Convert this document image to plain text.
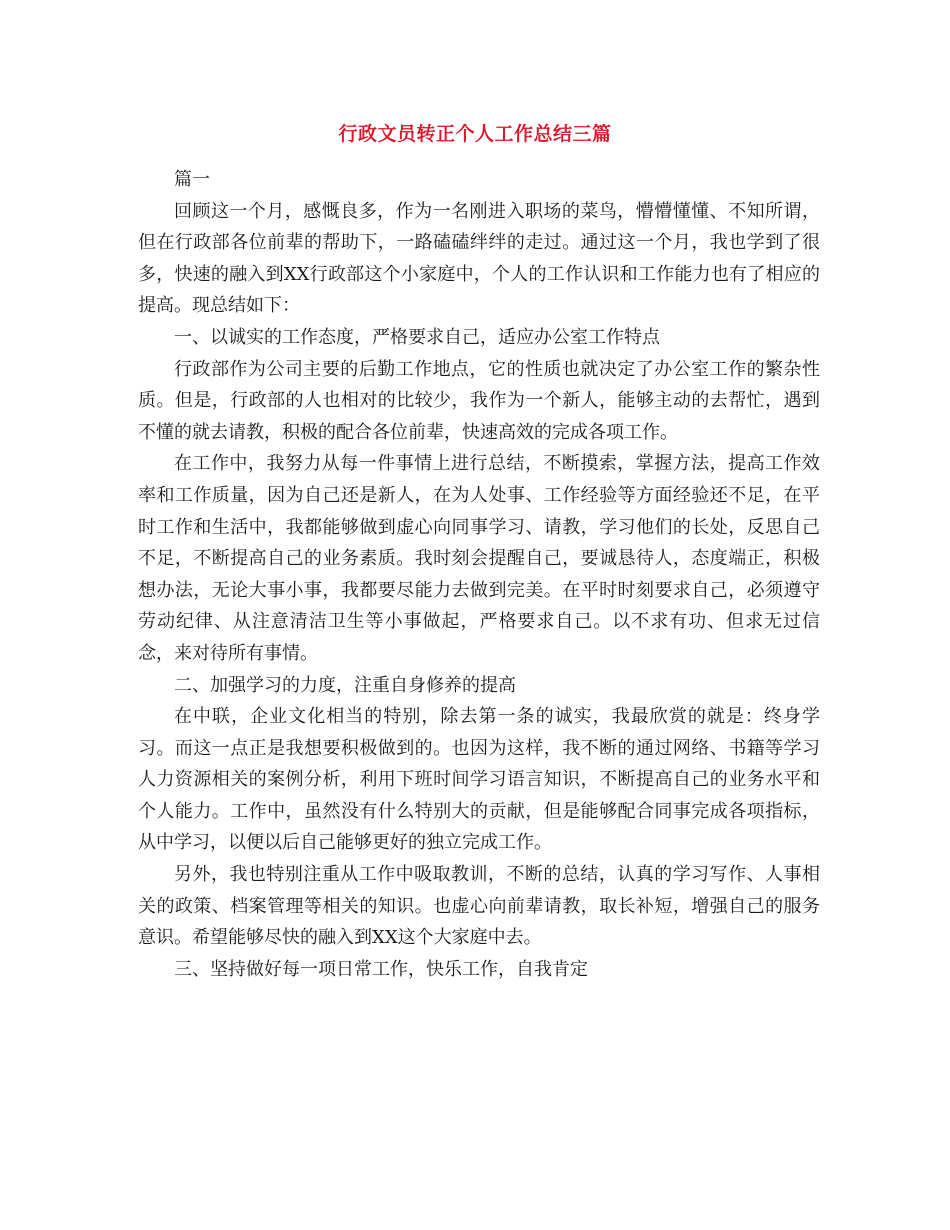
行政文员转正个人工作总结三篇

篇一

回顾这一个月，感慨良多，作为一名刚进入职场的菜鸟，懵懵懂懂、不知所谓，但在行政部各位前辈的帮助下，一路磕磕绊绊的走过。通过这一个月，我也学到了很多，快速的融入到XX行政部这个小家庭中，个人的工作认识和工作能力也有了相应的提高。现总结如下：

一、以诚实的工作态度，严格要求自己，适应办公室工作特点

行政部作为公司主要的后勤工作地点，它的性质也就决定了办公室工作的繁杂性质。但是，行政部的人也相对的比较少，我作为一个新人，能够主动的去帮忙，遇到不懂的就去请教，积极的配合各位前辈，快速高效的完成各项工作。

在工作中，我努力从每一件事情上进行总结，不断摸索，掌握方法，提高工作效率和工作质量，因为自己还是新人，在为人处事、工作经验等方面经验还不足，在平时工作和生活中，我都能够做到虚心向同事学习、请教，学习他们的长处，反思自己不足，不断提高自己的业务素质。我时刻会提醒自己，要诚恳待人，态度端正，积极想办法，无论大事小事，我都要尽能力去做到完美。在平时时刻要求自己，必须遵守劳动纪律、从注意清洁卫生等小事做起，严格要求自己。以不求有功、但求无过信念，来对待所有事情。

二、加强学习的力度，注重自身修养的提高

在中联，企业文化相当的特别，除去第一条的诚实，我最欣赏的就是：终身学习。而这一点正是我想要积极做到的。也因为这样，我不断的通过网络、书籍等学习人力资源相关的案例分析，利用下班时间学习语言知识，不断提高自己的业务水平和个人能力。工作中，虽然没有什么特别大的贡献，但是能够配合同事完成各项指标，从中学习，以便以后自己能够更好的独立完成工作。

另外，我也特别注重从工作中吸取教训，不断的总结，认真的学习写作、人事相关的政策、档案管理等相关的知识。也虚心向前辈请教，取长补短，增强自己的服务意识。希望能够尽快的融入到XX这个大家庭中去。

三、坚持做好每一项日常工作，快乐工作，自我肯定
